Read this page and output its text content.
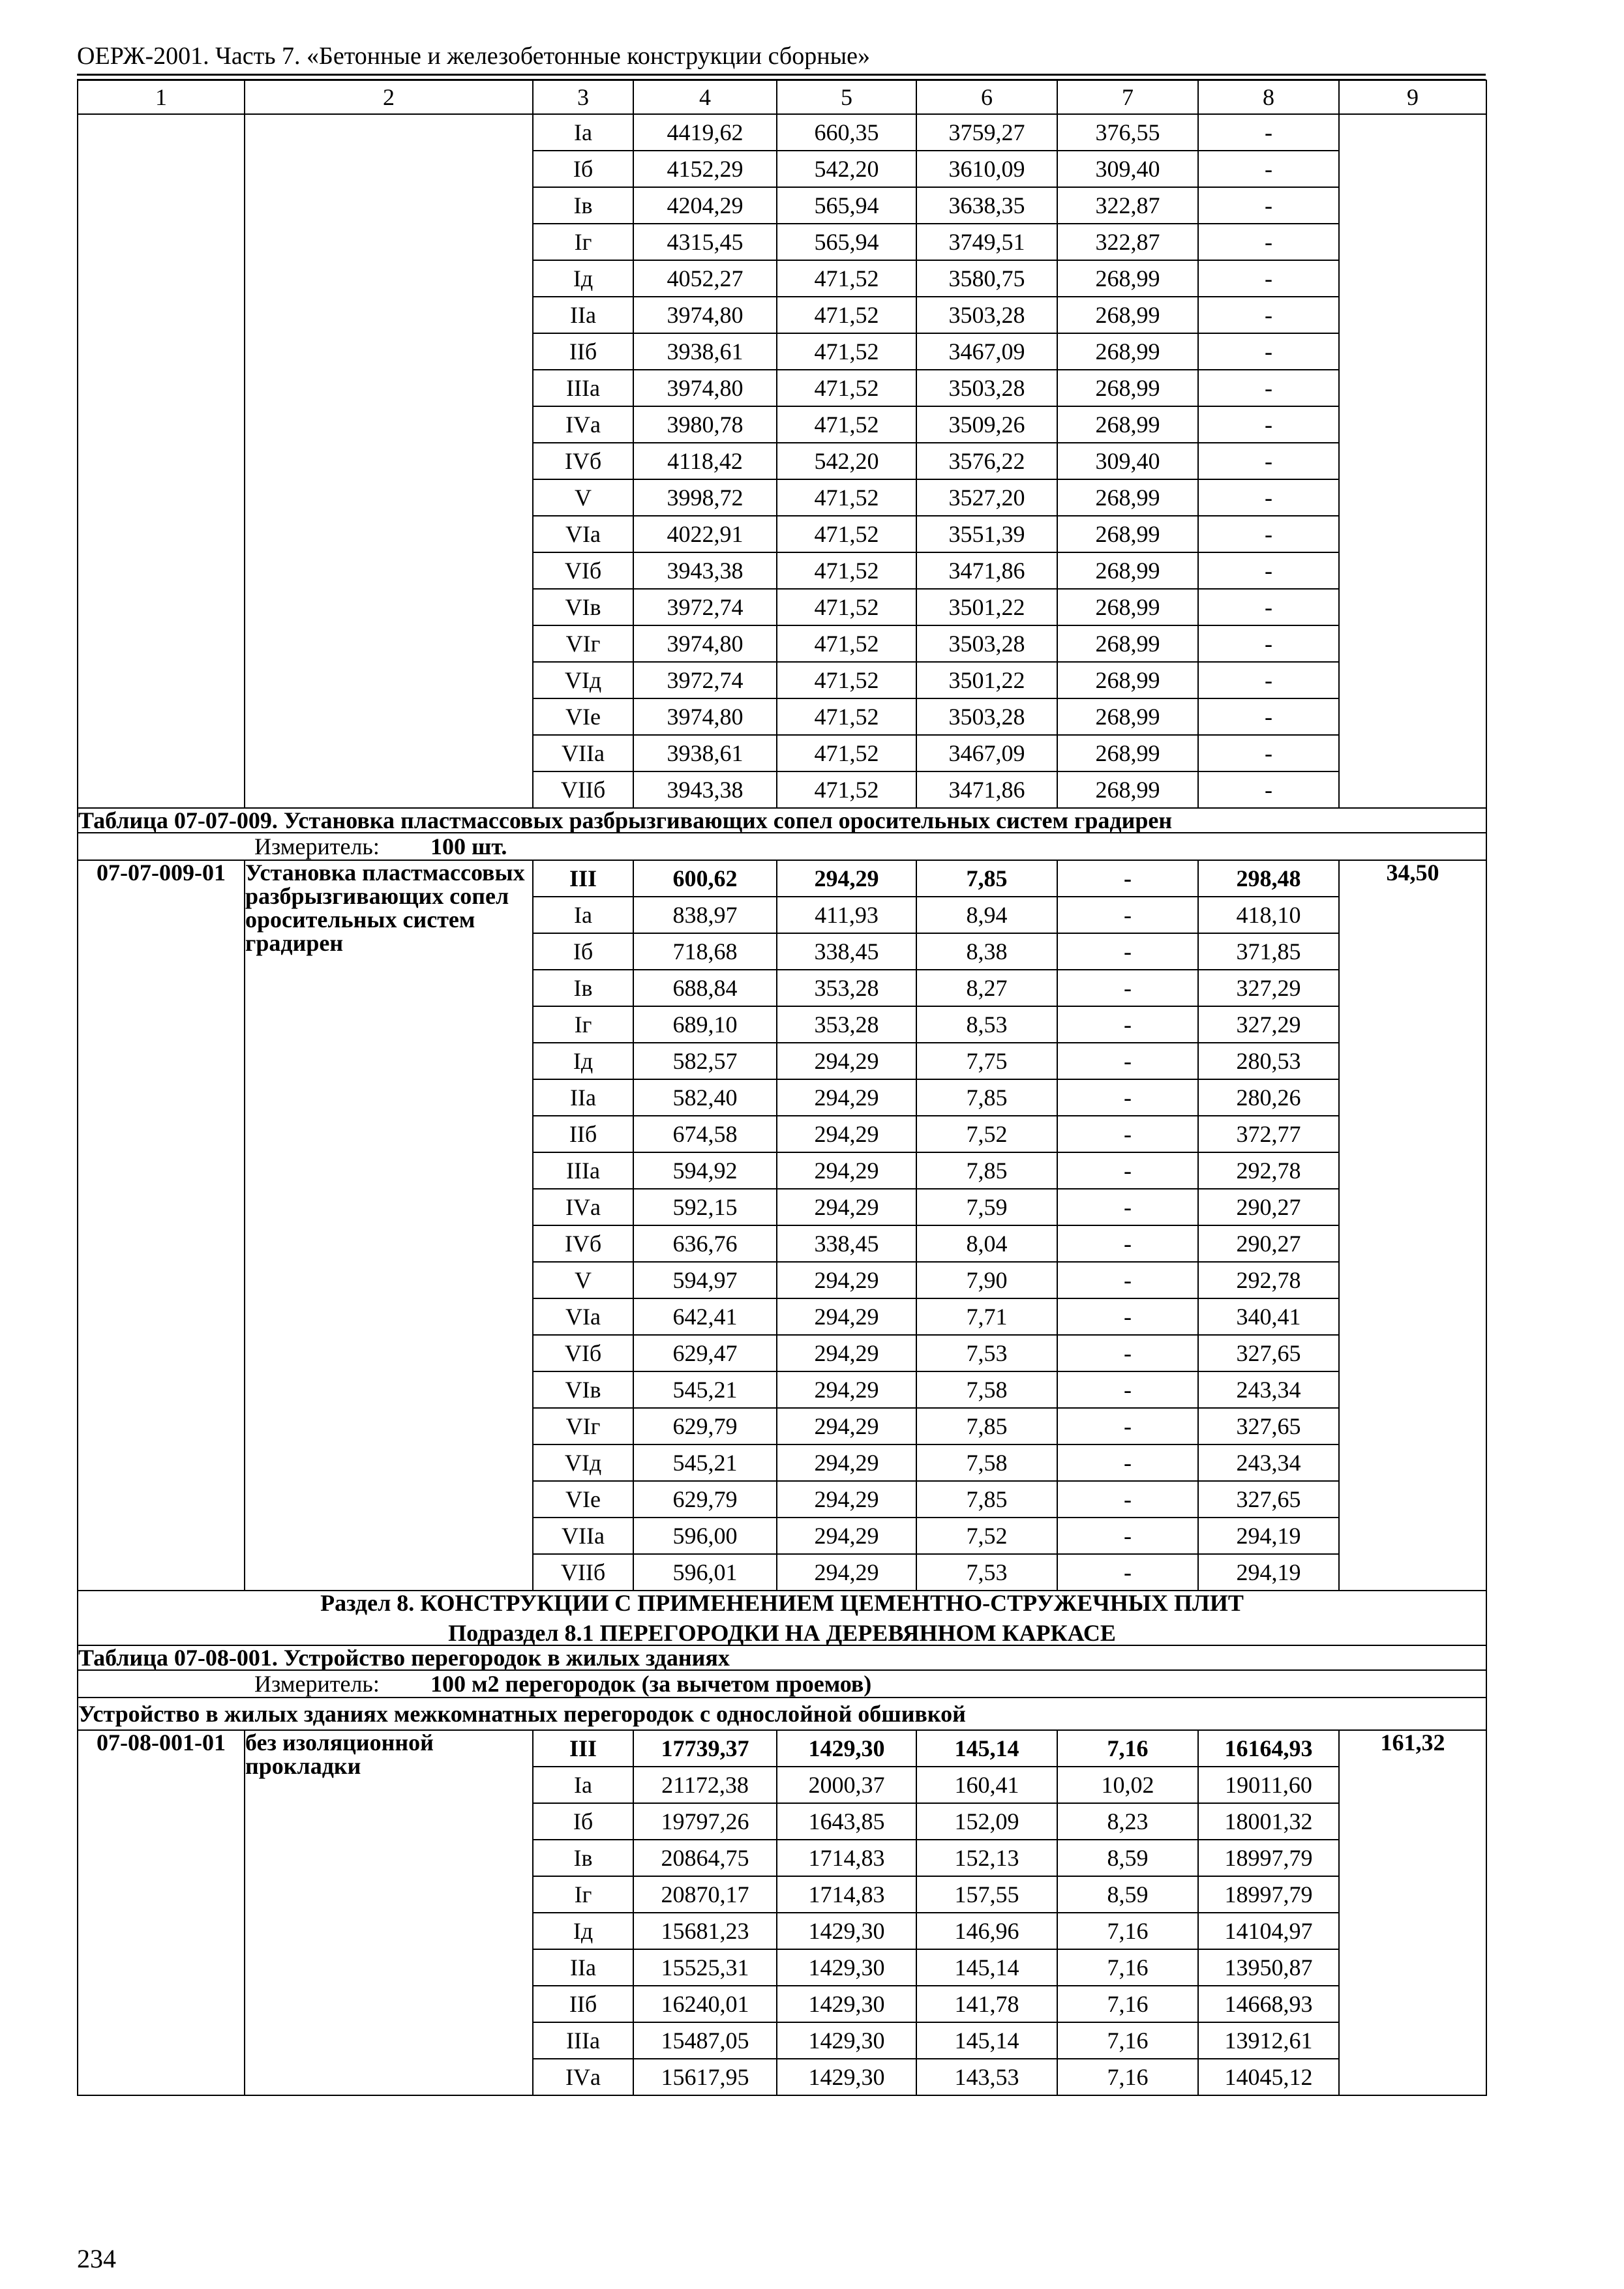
ОЕРЖ-2001. Часть 7. «Бетонные и железобетонные конструкции сборные»
1	2	3	4	5	6	7	8	9
		Iа	4419,62	660,35	3759,27	376,55	-	
		Iб	4152,29	542,20	3610,09	309,40	-	
		Iв	4204,29	565,94	3638,35	322,87	-	
		Iг	4315,45	565,94	3749,51	322,87	-	
		Iд	4052,27	471,52	3580,75	268,99	-	
		IIа	3974,80	471,52	3503,28	268,99	-	
		IIб	3938,61	471,52	3467,09	268,99	-	
		IIIа	3974,80	471,52	3503,28	268,99	-	
		IVа	3980,78	471,52	3509,26	268,99	-	
		IVб	4118,42	542,20	3576,22	309,40	-	
		V	3998,72	471,52	3527,20	268,99	-	
		VIа	4022,91	471,52	3551,39	268,99	-	
		VIб	3943,38	471,52	3471,86	268,99	-	
		VIв	3972,74	471,52	3501,22	268,99	-	
		VIг	3974,80	471,52	3503,28	268,99	-	
		VIд	3972,74	471,52	3501,22	268,99	-	
		VIе	3974,80	471,52	3503,28	268,99	-	
		VIIа	3938,61	471,52	3467,09	268,99	-	
		VIIб	3943,38	471,52	3471,86	268,99	-	
Таблица 07-07-009. Установка пластмассовых разбрызгивающих сопел оросительных систем градирен								
Измеритель: 100 шт.								
07-07-009-01	Установка пластмассовых разбрызгивающих сопел оросительных систем градирен	III	600,62	294,29	7,85	-	298,48	34,50
		Iа	838,97	411,93	8,94	-	418,10	
		Iб	718,68	338,45	8,38	-	371,85	
		Iв	688,84	353,28	8,27	-	327,29	
		Iг	689,10	353,28	8,53	-	327,29	
		Iд	582,57	294,29	7,75	-	280,53	
		IIа	582,40	294,29	7,85	-	280,26	
		IIб	674,58	294,29	7,52	-	372,77	
		IIIа	594,92	294,29	7,85	-	292,78	
		IVа	592,15	294,29	7,59	-	290,27	
		IVб	636,76	338,45	8,04	-	290,27	
		V	594,97	294,29	7,90	-	292,78	
		VIа	642,41	294,29	7,71	-	340,41	
		VIб	629,47	294,29	7,53	-	327,65	
		VIв	545,21	294,29	7,58	-	243,34	
		VIг	629,79	294,29	7,85	-	327,65	
		VIд	545,21	294,29	7,58	-	243,34	
		VIе	629,79	294,29	7,85	-	327,65	
		VIIа	596,00	294,29	7,52	-	294,19	
		VIIб	596,01	294,29	7,53	-	294,19	

Раздел 8. КОНСТРУКЦИИ С ПРИМЕНЕНИЕМ ЦЕМЕНТНО-СТРУЖЕЧНЫХ ПЛИТ
Подраздел 8.1 ПЕРЕГОРОДКИ НА ДЕРЕВЯННОМ КАРКАСЕ								

Таблица 07-08-001. Устройство перегородок в жилых зданиях								
Измеритель: 100 м2 перегородок (за вычетом проемов)								
Устройство в жилых зданиях межкомнатных перегородок с однослойной обшивкой								
07-08-001-01	без изоляционной прокладки	III	17739,37	1429,30	145,14	7,16	16164,93	161,32
		Iа	21172,38	2000,37	160,41	10,02	19011,60	
		Iб	19797,26	1643,85	152,09	8,23	18001,32	
		Iв	20864,75	1714,83	152,13	8,59	18997,79	
		Iг	20870,17	1714,83	157,55	8,59	18997,79	
		Iд	15681,23	1429,30	146,96	7,16	14104,97	
		IIа	15525,31	1429,30	145,14	7,16	13950,87	
		IIб	16240,01	1429,30	141,78	7,16	14668,93	
		IIIа	15487,05	1429,30	145,14	7,16	13912,61	
		IVа	15617,95	1429,30	143,53	7,16	14045,12	
234
